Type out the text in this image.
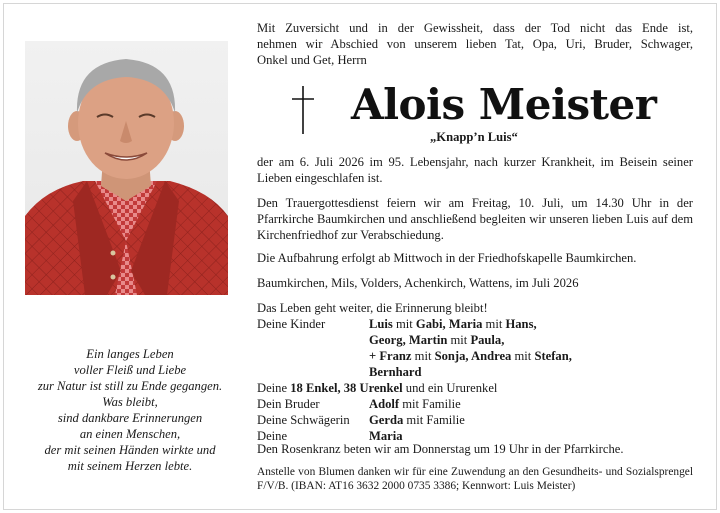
Ein langes Leben
voller Fleiß und Liebe
zur Natur ist still zu Ende gegangen.
Was bleibt,
sind dankbare Erinnerungen
an einen Menschen,
der mit seinen Händen wirkte und
mit seinem Herzen lebte.
Mit Zuversicht und in der Gewissheit, dass der Tod nicht das Ende ist,
nehmen wir Abschied von unserem lieben Tat, Opa, Uri, Bruder, Schwager,
Onkel und Get, Herrn
Alois Meister
„Knapp’n Luis“
der am 6. Juli 2026 im 95. Lebensjahr, nach kurzer Krankheit, im Beisein seiner Lieben eingeschlafen ist.
Den Trauergottesdienst feiern wir am Freitag, 10. Juli, um 14.30 Uhr in der Pfarrkirche Baumkirchen und anschließend begleiten wir unseren lieben Luis auf dem Kirchenfriedhof zur Verabschiedung.
Die Aufbahrung erfolgt ab Mittwoch in der Friedhofskapelle Baumkirchen.
Baumkirchen, Mils, Volders, Achenkirch, Wattens, im Juli 2026
Das Leben geht weiter, die Erinnerung bleibt!
Deine Kinder	Luis mit Gabi, Maria mit Hans,
Georg, Martin mit Paula,
+ Franz mit Sonja, Andrea mit Stefan,
Bernhard
Deine 18 Enkel, 38 Urenkel und ein Ururenkel
Dein Bruder	Adolf mit Familie
Deine Schwägerin Gerda mit Familie
Deine	Maria
Den Rosenkranz beten wir am Donnerstag um 19 Uhr in der Pfarrkirche.
Anstelle von Blumen danken wir für eine Zuwendung an den Gesundheits- und Sozialsprengel F/V/B. (IBAN: AT16 3632 2000 0735 3386; Kennwort: Luis Meister)
